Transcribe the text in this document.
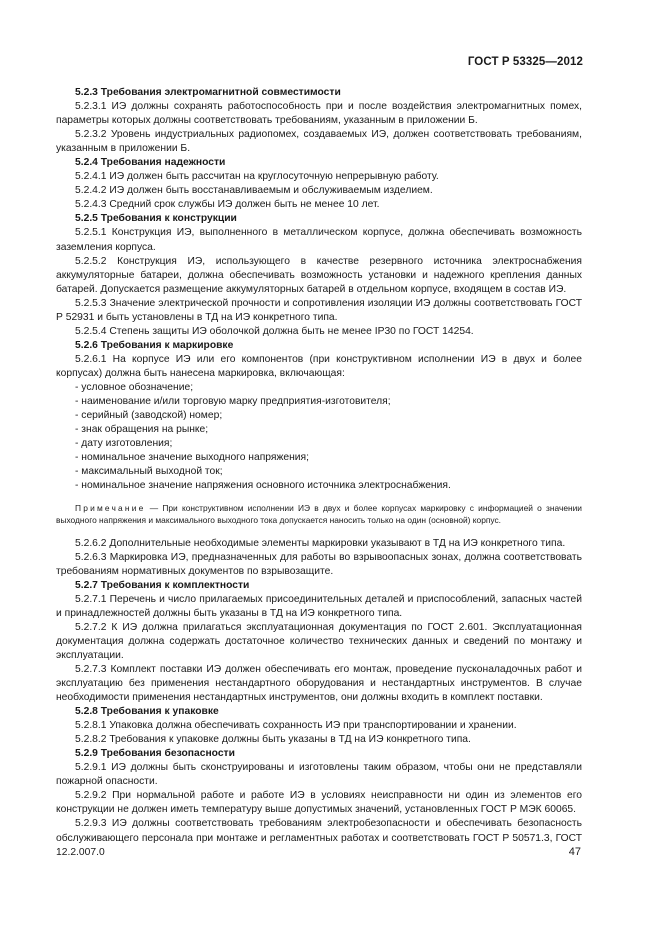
ГОСТ Р 53325—2012
5.2.3 Требования электромагнитной совместимости
5.2.3.1 ИЭ должны сохранять работоспособность при и после воздействия электромагнитных помех, параметры которых должны соответствовать требованиям, указанным в приложении Б.
5.2.3.2 Уровень индустриальных радиопомех, создаваемых ИЭ, должен соответствовать требованиям, указанным в приложении Б.
5.2.4 Требования надежности
5.2.4.1 ИЭ должен быть рассчитан на круглосуточную непрерывную работу.
5.2.4.2 ИЭ должен быть восстанавливаемым и обслуживаемым изделием.
5.2.4.3 Средний срок службы ИЭ должен быть не менее 10 лет.
5.2.5 Требования к конструкции
5.2.5.1 Конструкция ИЭ, выполненного в металлическом корпусе, должна обеспечивать возможность заземления корпуса.
5.2.5.2 Конструкция ИЭ, использующего в качестве резервного источника электроснабжения аккумуляторные батареи, должна обеспечивать возможность установки и надежного крепления данных батарей. Допускается размещение аккумуляторных батарей в отдельном корпусе, входящем в состав ИЭ.
5.2.5.3 Значение электрической прочности и сопротивления изоляции ИЭ должны соответствовать ГОСТ Р 52931 и быть установлены в ТД на ИЭ конкретного типа.
5.2.5.4 Степень защиты ИЭ оболочкой должна быть не менее IP30 по ГОСТ 14254.
5.2.6 Требования к маркировке
5.2.6.1 На корпусе ИЭ или его компонентов (при конструктивном исполнении ИЭ в двух и более корпусах) должна быть нанесена маркировка, включающая:
- условное обозначение;
- наименование и/или торговую марку предприятия-изготовителя;
- серийный (заводской) номер;
- знак обращения на рынке;
- дату изготовления;
- номинальное значение выходного напряжения;
- максимальный выходной ток;
- номинальное значение напряжения основного источника электроснабжения.
Примечание — При конструктивном исполнении ИЭ в двух и более корпусах маркировку с информацией о значении выходного напряжения и максимального выходного тока допускается наносить только на один (основной) корпус.
5.2.6.2 Дополнительные необходимые элементы маркировки указывают в ТД на ИЭ конкретного типа.
5.2.6.3 Маркировка ИЭ, предназначенных для работы во взрывоопасных зонах, должна соответствовать требованиям нормативных документов по взрывозащите.
5.2.7 Требования к комплектности
5.2.7.1 Перечень и число прилагаемых присоединительных деталей и приспособлений, запасных частей и принадлежностей должны быть указаны в ТД на ИЭ конкретного типа.
5.2.7.2 К ИЭ должна прилагаться эксплуатационная документация по ГОСТ 2.601. Эксплуатационная документация должна содержать достаточное количество технических данных и сведений по монтажу и эксплуатации.
5.2.7.3 Комплект поставки ИЭ должен обеспечивать его монтаж, проведение пусконаладочных работ и эксплуатацию без применения нестандартного оборудования и нестандартных инструментов. В случае необходимости применения нестандартных инструментов, они должны входить в комплект поставки.
5.2.8 Требования к упаковке
5.2.8.1 Упаковка должна обеспечивать сохранность ИЭ при транспортировании и хранении.
5.2.8.2 Требования к упаковке должны быть указаны в ТД на ИЭ конкретного типа.
5.2.9 Требования безопасности
5.2.9.1 ИЭ должны быть сконструированы и изготовлены таким образом, чтобы они не представляли пожарной опасности.
5.2.9.2 При нормальной работе и работе ИЭ в условиях неисправности ни один из элементов его конструкции не должен иметь температуру выше допустимых значений, установленных ГОСТ Р МЭК 60065.
5.2.9.3 ИЭ должны соответствовать требованиям электробезопасности и обеспечивать безопасность обслуживающего персонала при монтаже и регламентных работах и соответствовать ГОСТ Р 50571.3, ГОСТ 12.2.007.0	47
